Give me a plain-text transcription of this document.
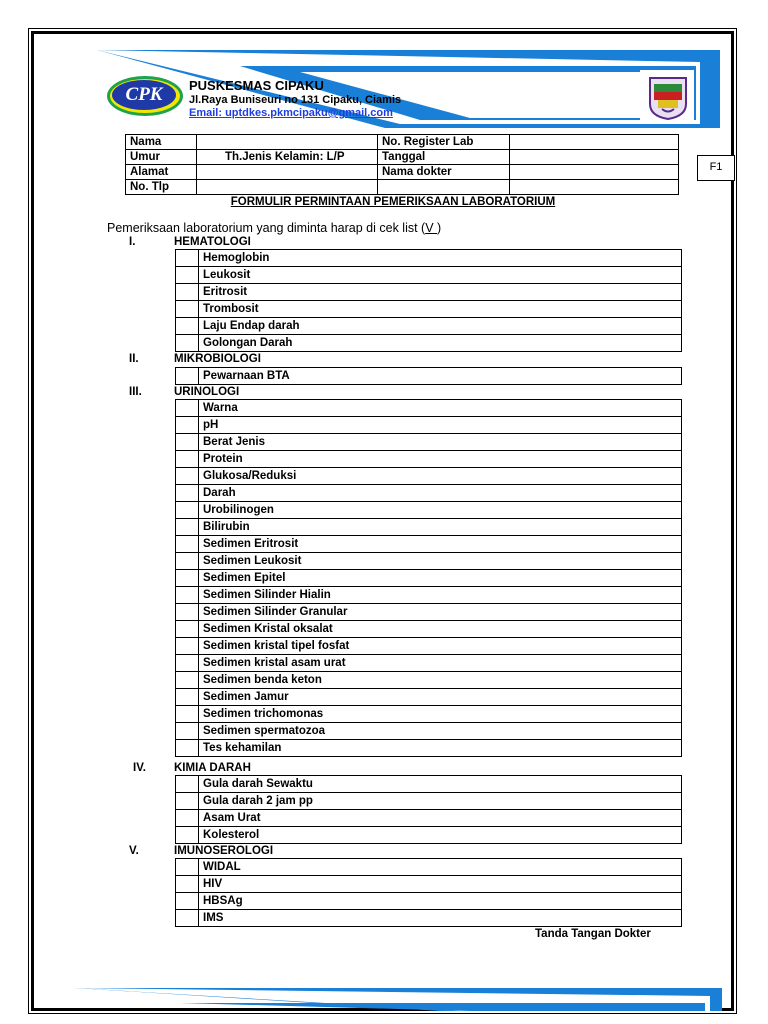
CPK	PUSKESMAS CIPAKU
Jl.Raya Buniseuri no 131 Cipaku, Ciamis
Email: uptdkes.pkmcipaku@gmail.com
F1
Nama		No. Register Lab	
Umur	Th.Jenis Kelamin: L/P	Tanggal	
Alamat		Nama dokter	
No. Tlp			
FORMULIR PERMINTAAN PEMERIKSAAN LABORATORIUM
Pemeriksaan laboratorium yang diminta harap di cek list (V )
I.	HEMATOLOGI
	Hemoglobin
	Leukosit
	Eritrosit
	Trombosit
	Laju Endap darah
	Golongan Darah
II.	MIKROBIOLOGI
	Pewarnaan BTA
III.	URINOLOGI
	Warna
	pH
	Berat Jenis
	Protein
	Glukosa/Reduksi
	Darah
	Urobilinogen
	Bilirubin
	Sedimen Eritrosit
	Sedimen Leukosit
	Sedimen Epitel
	Sedimen Silinder Hialin
	Sedimen Silinder Granular
	Sedimen Kristal oksalat
	Sedimen kristal tipel fosfat
	Sedimen kristal asam urat
	Sedimen benda keton
	Sedimen Jamur
	Sedimen trichomonas
	Sedimen spermatozoa
	Tes kehamilan
IV. KIMIA DARAH
	Gula darah Sewaktu
	Gula darah 2 jam pp
	Asam Urat
	Kolesterol
V.	IMUNOSEROLOGI
	WIDAL
	HIV
	HBSAg
	IMS
Tanda Tangan Dokter
